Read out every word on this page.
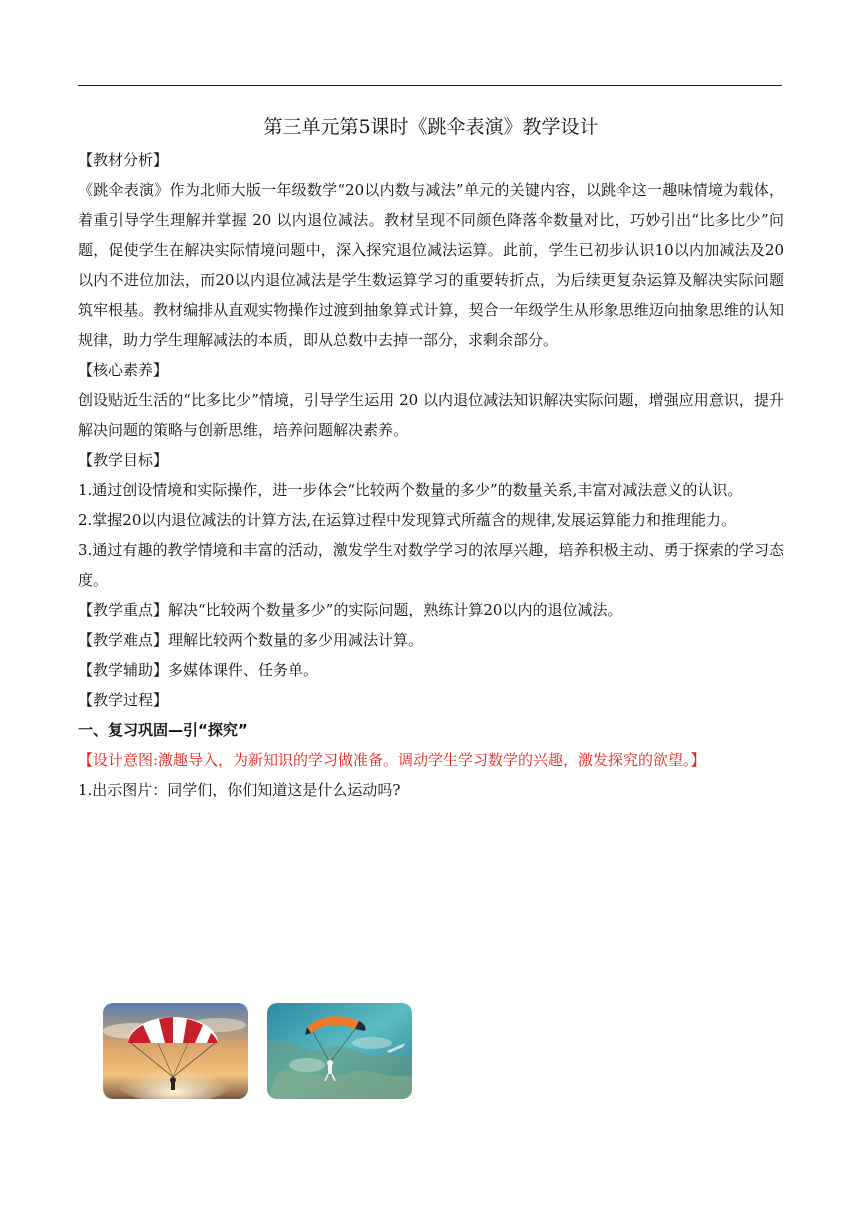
第三单元第5课时《跳伞表演》教学设计
【教材分析】

《跳伞表演》作为北师大版一年级数学“20以内数与减法”单元的关键内容，以跳伞这一趣味情境为载体，着重引导学生理解并掌握 20 以内退位减法。教材呈现不同颜色降落伞数量对比，巧妙引出“比多比少”问题，促使学生在解决实际情境问题中，深入探究退位减法运算。此前，学生已初步认识10以内加减法及20以内不进位加法，而20以内退位减法是学生数运算学习的重要转折点，为后续更复杂运算及解决实际问题筑牢根基。教材编排从直观实物操作过渡到抽象算式计算，契合一年级学生从形象思维迈向抽象思维的认知规律，助力学生理解减法的本质，即从总数中去掉一部分，求剩余部分。

【核心素养】

创设贴近生活的“比多比少”情境，引导学生运用 20 以内退位减法知识解决实际问题，增强应用意识，提升解决问题的策略与创新思维，培养问题解决素养。

【教学目标】

1.通过创设情境和实际操作，进一步体会“比较两个数量的多少”的数量关系,丰富对减法意义的认识。

2.掌握20以内退位减法的计算方法,在运算过程中发现算式所蕴含的规律,发展运算能力和推理能力。

3.通过有趣的教学情境和丰富的活动，激发学生对数学学习的浓厚兴趣，培养积极主动、勇于探索的学习态度。

【教学重点】解决“比较两个数量多少”的实际问题，熟练计算20以内的退位减法。

【教学难点】理解比较两个数量的多少用减法计算。

【教学辅助】多媒体课件、任务单。

【教学过程】
一、复习巩固—引“探究”
【设计意图:激趣导入，为新知识的学习做准备。调动学生学习数学的兴趣，激发探究的欲望。】

1.出示图片：同学们，你们知道这是什么运动吗?
